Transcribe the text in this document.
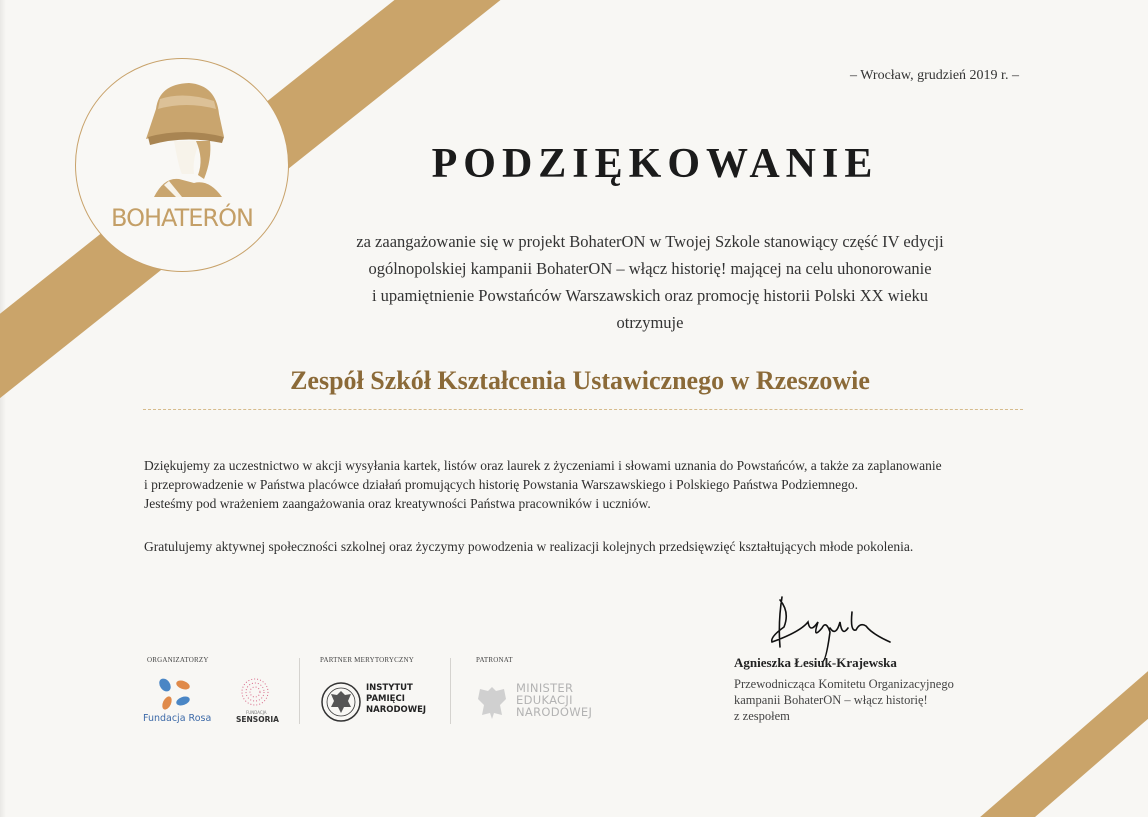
BOHATERÓN
– Wrocław, grudzień 2019 r. –
PODZIĘKOWANIE
za zaangażowanie się w projekt BohaterON w Twojej Szkole stanowiący część IV edycji
ogólnopolskiej kampanii BohaterON – włącz historię! mającej na celu uhonorowanie
i upamiętnienie Powstańców Warszawskich oraz promocję historii Polski XX wieku
otrzymuje
Zespół Szkół Kształcenia Ustawicznego w Rzeszowie
Dziękujemy za uczestnictwo w akcji wysyłania kartek, listów oraz laurek z życzeniami i słowami uznania do Powstańców, a także za zaplanowanie
i przeprowadzenie w Państwa placówce działań promujących historię Powstania Warszawskiego i Polskiego Państwa Podziemnego.
Jesteśmy pod wrażeniem zaangażowania oraz kreatywności Państwa pracowników i uczniów.
Gratulujemy aktywnej społeczności szkolnej oraz życzymy powodzenia w realizacji kolejnych przedsięwzięć kształtujących młode pokolenia.
ORGANIZATORZY
Fundacja Rosa
FUNDACJA
SENSORIA
PARTNER MERYTORYCZNY
INSTYTUT
PAMIĘCI
NARODOWEJ
PATRONAT
MINISTER
EDUKACJI
NARODOWEJ
Agnieszka Łesiuk-Krajewska
Przewodnicząca Komitetu Organizacyjnego
kampanii BohaterON – włącz historię!
z zespołem
